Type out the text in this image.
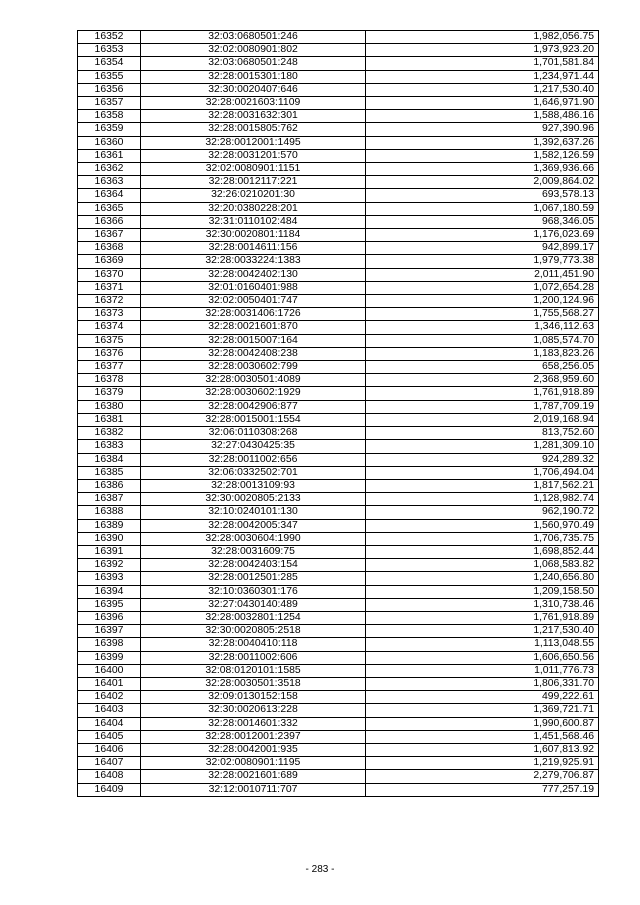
16352	32:03:0680501:246	1,982,056.75
16353	32:02:0080901:802	1,973,923.20
16354	32:03:0680501:248	1,701,581.84
16355	32:28:0015301:180	1,234,971.44
16356	32:30:0020407:646	1,217,530.40
16357	32:28:0021603:1109	1,646,971.90
16358	32:28:0031632:301	1,588,486.16
16359	32:28:0015805:762	927,390.96
16360	32:28:0012001:1495	1,392,637.26
16361	32:28:0031201:570	1,582,126.59
16362	32:02:0080901:1151	1,369,936.66
16363	32:28:0012117:221	2,009,864.02
16364	32:26:0210201:30	693,578.13
16365	32:20:0380228:201	1,067,180.59
16366	32:31:0110102:484	968,346.05
16367	32:30:0020801:1184	1,176,023.69
16368	32:28:0014611:156	942,899.17
16369	32:28:0033224:1383	1,979,773.38
16370	32:28:0042402:130	2,011,451.90
16371	32:01:0160401:988	1,072,654.28
16372	32:02:0050401:747	1,200,124.96
16373	32:28:0031406:1726	1,755,568.27
16374	32:28:0021601:870	1,346,112.63
16375	32:28:0015007:164	1,085,574.70
16376	32:28:0042408:238	1,183,823.26
16377	32:28:0030602:799	658,256.05
16378	32:28:0030501:4089	2,368,959.60
16379	32:28:0030602:1929	1,761,918.89
16380	32:28:0042906:877	1,787,709.19
16381	32:28:0015001:1554	2,019,168.94
16382	32:06:0110308:268	813,752.60
16383	32:27:0430425:35	1,281,309.10
16384	32:28:0011002:656	924,289.32
16385	32:06:0332502:701	1,706,494.04
16386	32:28:0013109:93	1,817,562.21
16387	32:30:0020805:2133	1,128,982.74
16388	32:10:0240101:130	962,190.72
16389	32:28:0042005:347	1,560,970.49
16390	32:28:0030604:1990	1,706,735.75
16391	32:28:0031609:75	1,698,852.44
16392	32:28:0042403:154	1,068,583.82
16393	32:28:0012501:285	1,240,656.80
16394	32:10:0360301:176	1,209,158.50
16395	32:27:0430140:489	1,310,738.46
16396	32:28:0032801:1254	1,761,918.89
16397	32:30:0020805:2518	1,217,530.40
16398	32:28:0040410:118	1,113,048.55
16399	32:28:0011002:606	1,606,650.56
16400	32:08:0120101:1585	1,011,776.73
16401	32:28:0030501:3518	1,806,331.70
16402	32:09:0130152:158	499,222.61
16403	32:30:0020613:228	1,369,721.71
16404	32:28:0014601:332	1,990,600.87
16405	32:28:0012001:2397	1,451,568.46
16406	32:28:0042001:935	1,607,813.92
16407	32:02:0080901:1195	1,219,925.91
16408	32:28:0021601:689	2,279,706.87
16409	32:12:0010711:707	777,257.19
- 283 -
